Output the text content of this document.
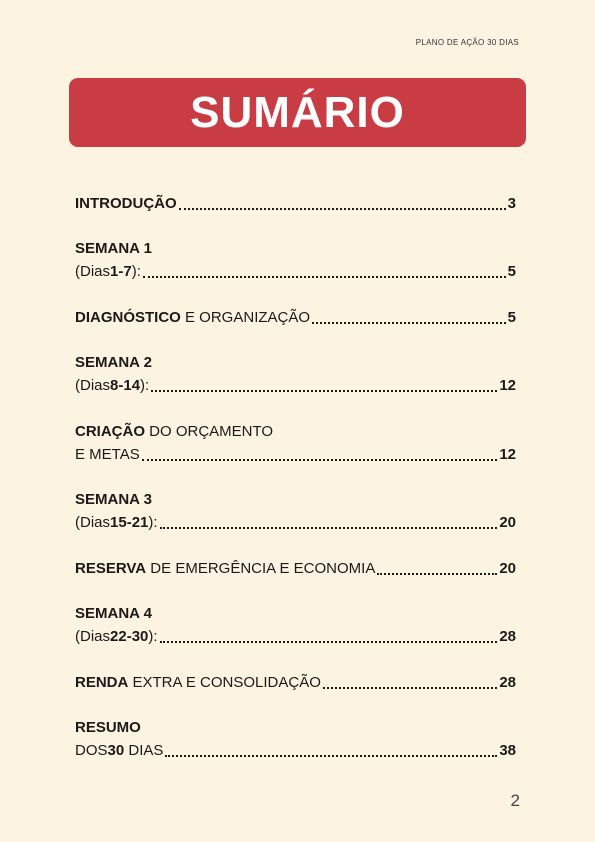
PLANO DE AÇÃO 30 DIAS
SUMÁRIO
INTRODUÇÃO	3
SEMANA 1
(Dias 1-7 ):	5
DIAGNÓSTICO E ORGANIZAÇÃO	5
SEMANA 2
(Dias 8-14 ):	12
CRIAÇÃO DO ORÇAMENTO
E METAS	12
SEMANA 3
(Dias 15-21 ):	20
RESERVA DE EMERGÊNCIA E ECONOMIA	20
SEMANA 4
(Dias 22-30 ):	28
RENDA EXTRA E CONSOLIDAÇÃO	28
RESUMO
DOS 30 DIAS	38
2
